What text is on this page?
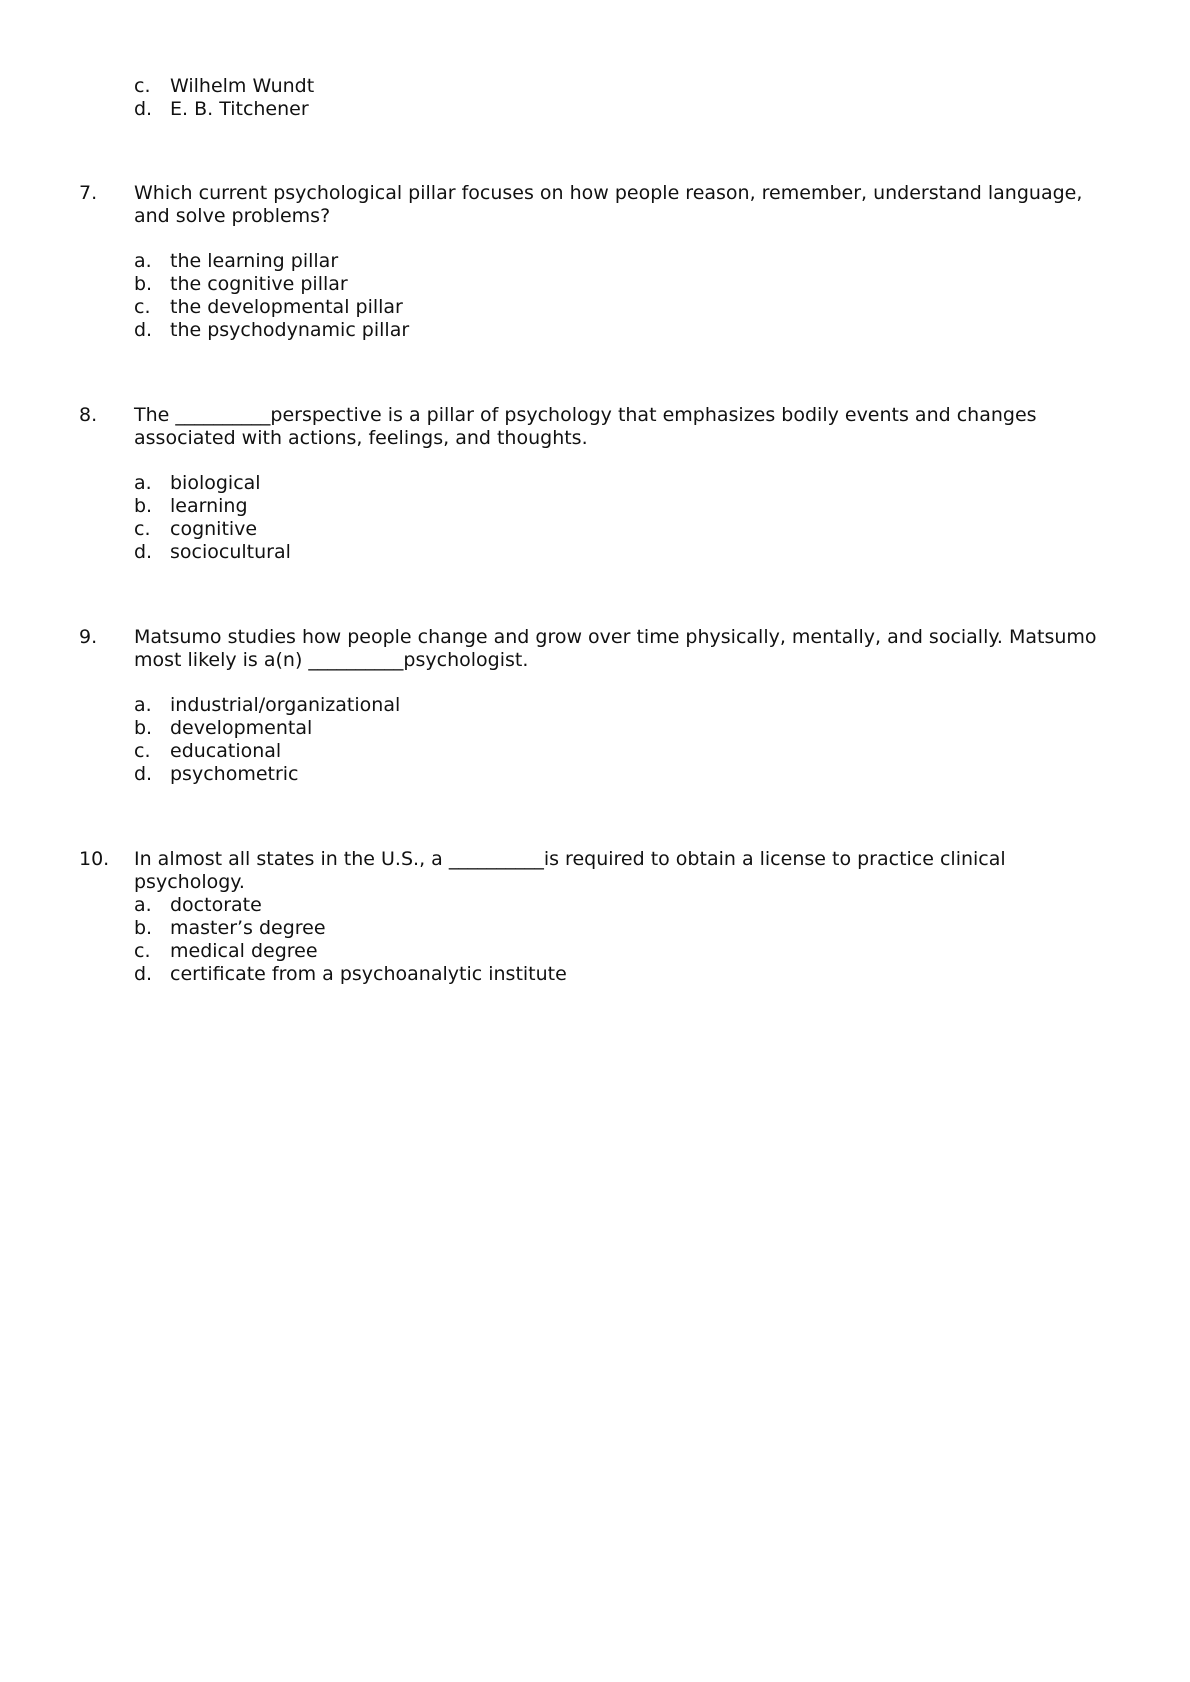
c. Wilhelm Wundt
d. E. B. Titchener
7. Which current psychological pillar focuses on how people reason, remember, understand language, and solve problems?
a. the learning pillar
b. the cognitive pillar
c. the developmental pillar
d. the psychodynamic pillar
8. The __________perspective is a pillar of psychology that emphasizes bodily events and changes associated with actions, feelings, and thoughts.
a. biological
b. learning
c. cognitive
d. sociocultural
9. Matsumo studies how people change and grow over time physically, mentally, and socially. Matsumo most likely is a(n) __________psychologist.
a. industrial/organizational
b. developmental
c. educational
d. psychometric
10. In almost all states in the U.S., a __________is required to obtain a license to practice clinical psychology.
a. doctorate
b. master’s degree
c. medical degree
d. certificate from a psychoanalytic institute
